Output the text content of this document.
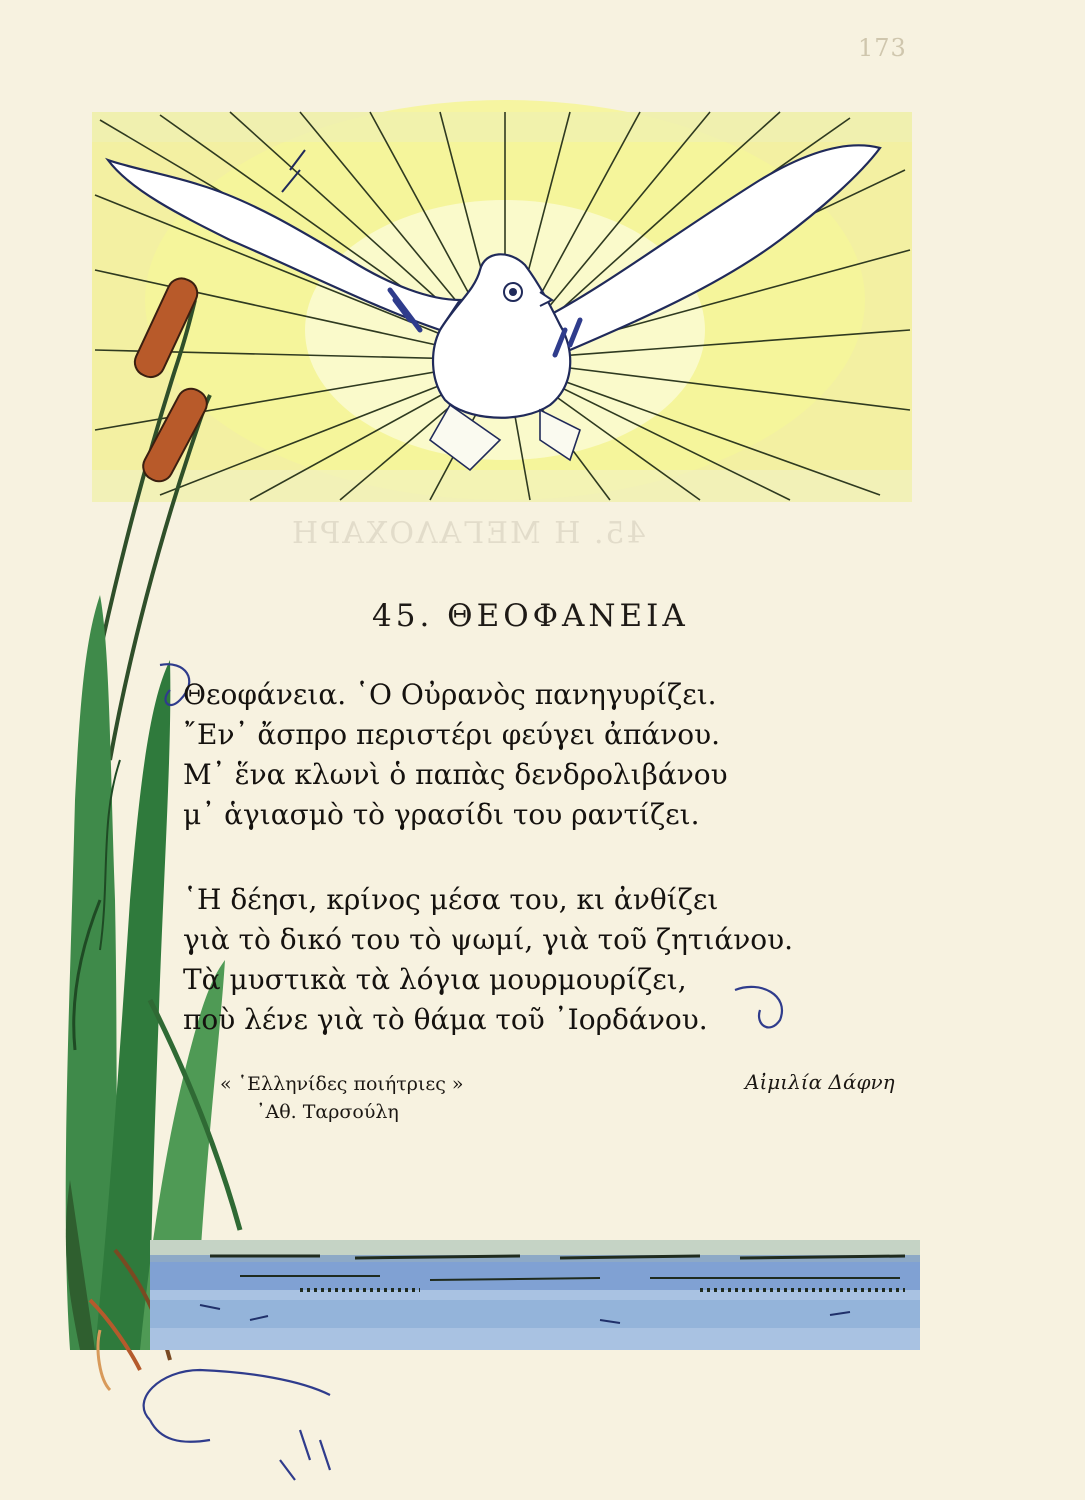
173
45. Η ΜΕΓΑΛΟΧΑΡΗ
45. ΘΕΟΦΑΝΕΙΑ
Θεοφάνεια. ῾Ο Οὐρανὸς πανηγυρίζει.
῎Εν᾽ ἄσπρο περιστέρι φεύγει ἀπάνου.
Μ᾽ ἕνα κλωνὶ ὁ παπὰς δενδρολιβάνου
μ᾽ ἁγιασμὸ τὸ γρασίδι του ραντίζει.
῾Η δέησι, κρίνος μέσα του, κι ἀνθίζει
γιὰ τὸ δικό του τὸ ψωμί, γιὰ τοῦ ζητιάνου.
Τὰ μυστικὰ τὰ λόγια μουρμουρίζει,
ποὺ λένε γιὰ τὸ θάμα τοῦ ᾽Ιορδάνου.
« ῾Ελληνίδες ποιήτριες »
᾽Αθ. Ταρσούλη
Αἰμιλία Δάφνη
